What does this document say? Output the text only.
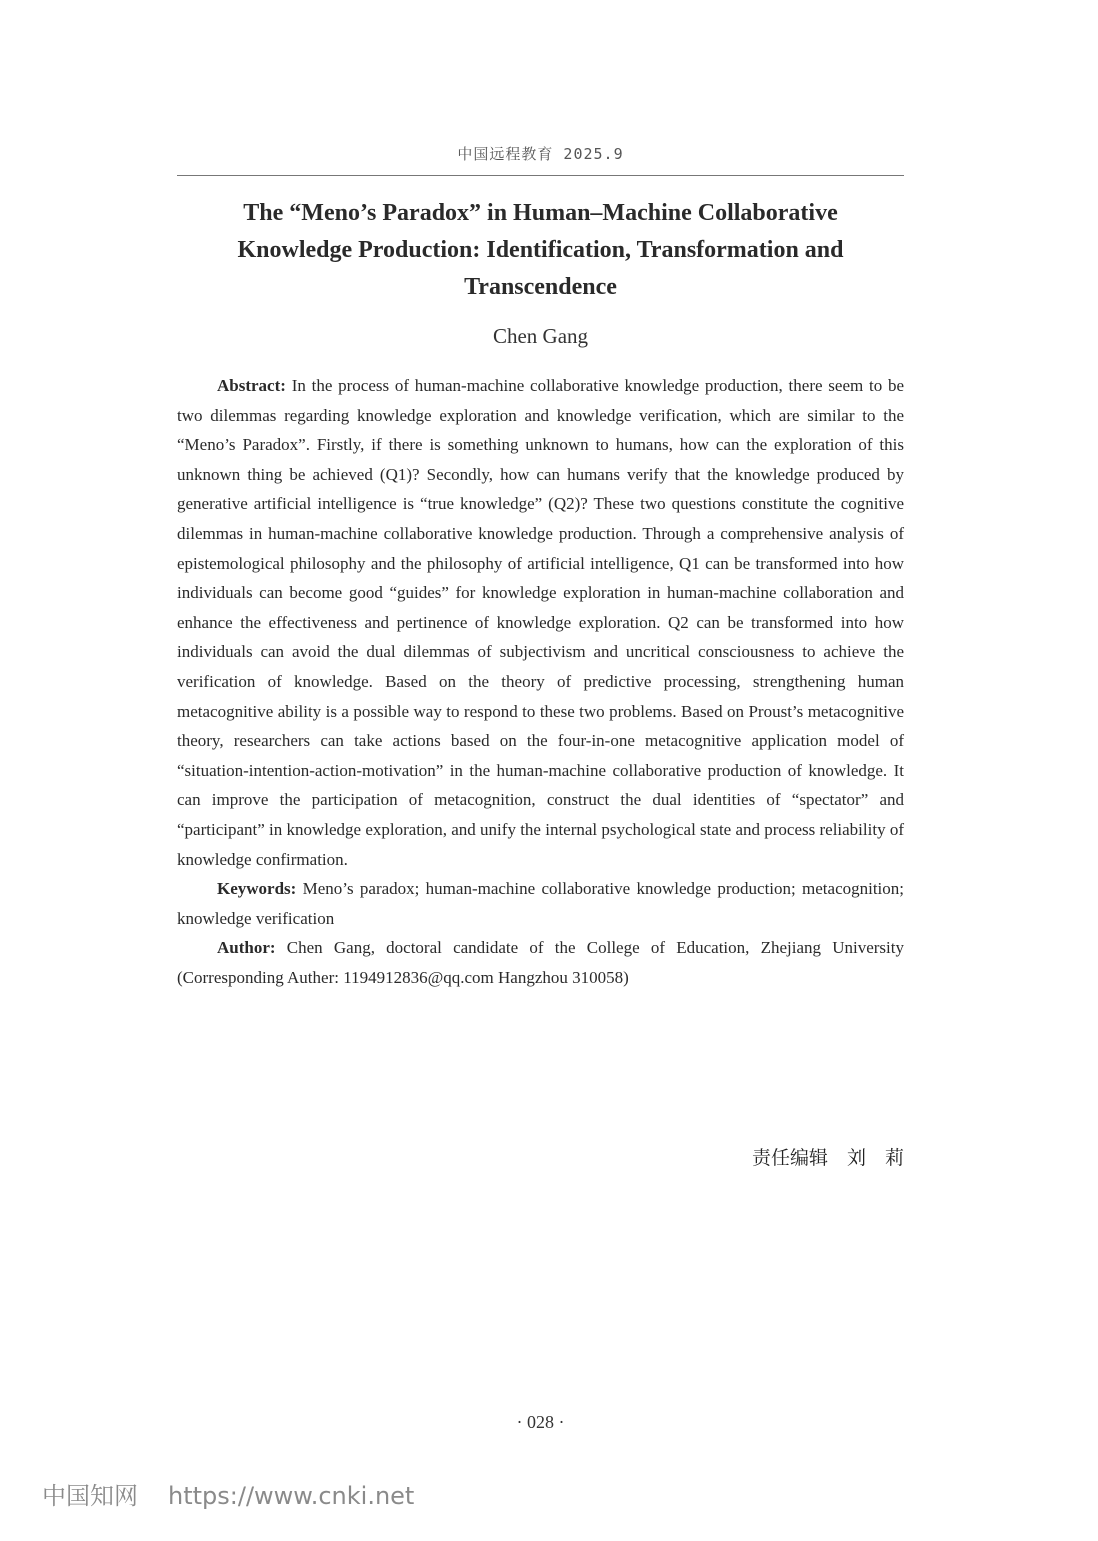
中国远程教育 2025.9
The “Meno’s Paradox” in Human–Machine Collaborative
Knowledge Production: Identification, Transformation and
Transcendence
Chen Gang

Abstract: In the process of human-machine collaborative knowledge production, there seem to be two dilemmas regarding knowledge exploration and knowledge verification, which are similar to the “Meno’s Paradox”. Firstly, if there is something unknown to humans, how can the exploration of this unknown thing be achieved (Q1)? Secondly, how can humans verify that the knowledge produced by generative artificial intelligence is “true knowledge” (Q2)? These two questions constitute the cognitive dilemmas in human-machine collaborative knowledge production. Through a comprehensive analysis of epistemological philosophy and the philosophy of artificial intelligence, Q1 can be transformed into how individuals can become good “guides” for knowledge exploration in human-machine collaboration and enhance the effectiveness and pertinence of knowledge exploration. Q2 can be transformed into how individuals can avoid the dual dilemmas of subjectivism and uncritical consciousness to achieve the verification of knowledge. Based on the theory of predictive processing, strengthening human metacognitive ability is a possible way to respond to these two problems. Based on Proust’s metacognitive theory, researchers can take actions based on the four-in-one metacognitive application model of “situation-intention-action-motivation” in the human-machine collaborative production of knowledge. It can improve the participation of metacognition, construct the dual identities of “spectator” and “participant” in knowledge exploration, and unify the internal psychological state and process reliability of knowledge confirmation.

Keywords: Meno’s paradox; human-machine collaborative knowledge production; metacognition; knowledge verification

Author: Chen Gang, doctoral candidate of the College of Education, Zhejiang University (Corresponding Auther: 1194912836@qq.com Hangzhou 310058)

责任编辑　刘　莉
· 028 ·
中国知网 https://www.cnki.net
